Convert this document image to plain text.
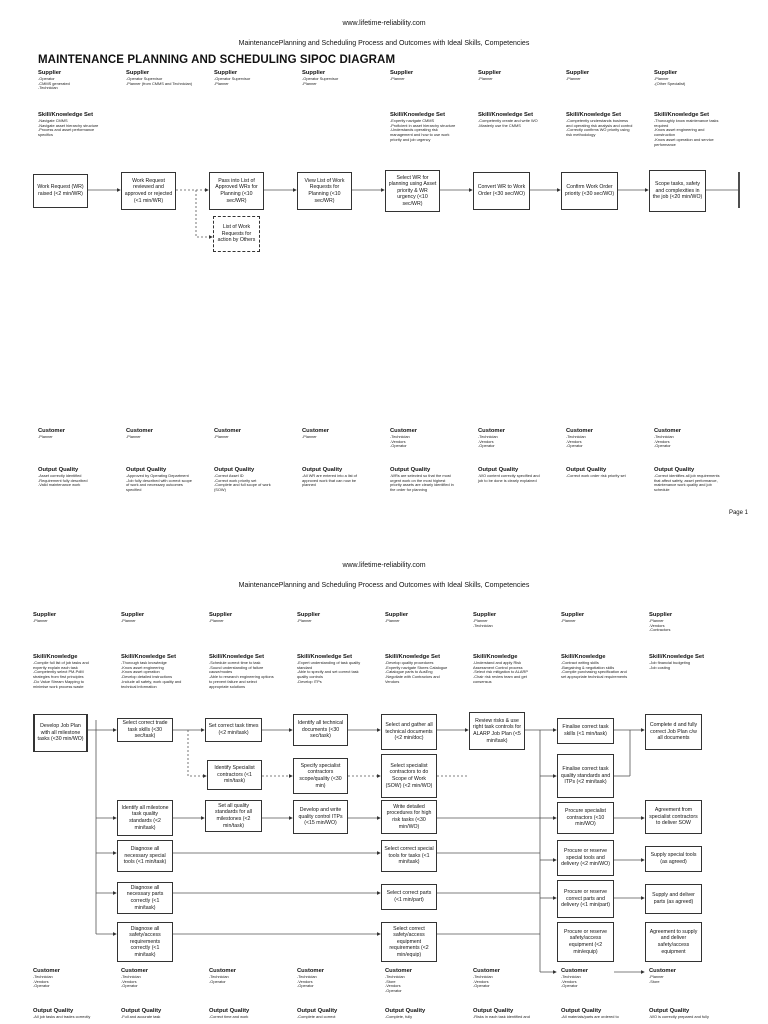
www.lifetime-reliability.com
MaintenancePlanning and Scheduling Process and Outcomes with Ideal Skills, Competencies
MAINTENANCE PLANNING AND SCHEDULING SIPOC DIAGRAM
Supplier
-Operator
-CMMS generated
-Technician
Skill/Knowledge Set
-Navigate CMMS
-Navigate asset hierarchy structure
-Process and asset performance
specifics
Customer
-Planner
Output Quality
-Asset correctly identified
-Requirement fully described
-Valid maintenance work
Supplier
-Operator Supervisor
-Planner (from CMMS and Technician)
Customer
-Planner
Output Quality
-Approved by Operating Department
-Job fully described with correct scope
of work and necessary outcomes
specified
Supplier
-Operator Supervisor
-Planner
Customer
-Planner
Output Quality
-Correct Asset ID
-Correct work priority set
-Complete and full scope of work
(SOW)
Supplier
-Operator Supervisor
-Planner
Customer
-Planner
Output Quality
-All WR are entered into a list of
approved work that can now be
planned
Supplier
-Planner
Skill/Knowledge Set
-Expertly navigate CMMS
-Proficient in asset hierarchy structure
-Understands operating risk
management and how to use work
priority and job urgency
Customer
-Technician
-Vendors
-Operator
Output Quality
-WRs are selected so that the most
urgent work on the most highest
priority assets are clearly identified in
the order for planning
Supplier
-Planner
Skill/Knowledge Set
-Competently create and write WO
-Masterly use the CMMS
Customer
-Technician
-Vendors
-Operator
Output Quality
-WO content correctly specified and
job to be done is clearly explained
Supplier
-Planner
Skill/Knowledge Set
-Competently understands business
and operating risk analysis and control
-Correctly confirms WO priority using
risk methodology
Customer
-Technician
-Vendors
-Operator
Output Quality
-Correct work order risk priority set
Supplier
-Planner
-(Other Specialist)
Skill/Knowledge Set
-Thoroughly know maintenance tasks
required
-Know asset engineering and
construction
-Know asset operation and service
performance
Customer
-Technician
-Vendors
-Operator
Output Quality
-Correct identifies all job requirements
that affect safety, asset performance,
maintenance work quality and job
schedule
Work Request (WR) raised (<2 min/WR)
Work Request reviewed and approved or rejected (<1 min/WR)
Pass into List of Approved WRs for Planning (<10 sec/WR)
View List of Work Requests for Planning (<10 sec/WR)
Select WR for planning using Asset priority & WR urgency (<10 sec/WR)
Convert WR to Work Order (<30 sec/WO)
Confirm Work Order priority (<30 sec/WO)
Scope tasks, safety and complexities in the job (<20 min/WO)
List of Work Requests for action by Others
Page 1
www.lifetime-reliability.com
MaintenancePlanning and Scheduling Process and Outcomes with Ideal Skills, Competencies
Supplier
-Planner
Skill/Knowledge
-Compile full list of job tasks and
expertly explain each task
-Competently select PM-PdM
strategies from first principles
-Do Value Stream Mapping to
minimise work process waste
Customer
-Technician
-Vendors
-Operator
Output Quality
-All job tasks and trades correctly
Supplier
-Planner
Skill/Knowledge Set
-Thorough task knowledge
-Know asset engineering
-Know asset operation
-Develop detailed instructions
-Include all safety, work quality and
technical information
Customer
-Technician
-Vendors
-Operator
Output Quality
-Full and accurate task
Supplier
-Planner
Skill/Knowledge Set
-Schedule correct time to task
-Sound understanding of failure
cause/modes
-Able to research engineering options
to prevent failure and select
appropriate solutions
Customer
-Technician
-Operator
Output Quality
-Correct time and work
Supplier
-Planner
Skill/Knowledge Set
-Expert understanding of task quality
standard
-Able to specify and set correct task
quality controls
-Develop ITPs
Customer
-Technician
-Vendors
-Operator
Output Quality
-Complete and correct
Supplier
-Planner
Skill/Knowledge Set
-Develop quality procedures
-Expertly navigate Stores Catalogue
-Catalogue parts to AusEng
-Negotiate with Contractors and
Vendors
Customer
-Technician
-Store
-Vendors
-Operator
Output Quality
-Complete, fully
Supplier
-Planner
-Technician
Skill/Knowledge
-Understand and apply Risk
Assessment Control process
-Select risk mitigation to ALARP
-Chair risk review team and get
consensus
Customer
-Technician
-Vendors
-Operator
Output Quality
-Risks in each task identified and
Supplier
-Planner
Skill/Knowledge
-Contract writing skills
-Bargaining & negotiation skills
-Compile purchasing specification and
set appropriate technical requirements
Customer
-Technician
-Vendors
-Operator
Output Quality
-All materials/parts are ordered to
Supplier
-Planner
-Vendors
-Contractors
Skill/Knowledge Set
-Job financial budgeting
-Job costing
Customer
-Planner
-Store
Output Quality
-WO is correctly prepared and fully
Develop Job Plan with all milestone tasks (<30 min/WO)
Select correct trade task skills (<30 sec/task)
Set correct task times (<2 min/task)
Identify all technical documents (<30 sec/task)
Select and gather all technical documents (<2 min/doc)
Review risks & use right task controls for ALARP Job Plan (<5 min/task)
Finalise correct task skills (<1 min/task)
Complete d and fully correct Job Plan c/w all documents
Identify Specialist contractors (<1 min/task)
Specify specialist contractors scope/quality (<30 min)
Select specialist contractors to do Scope of Work (SOW) (<2 min/WO)
Finalise correct task quality standards and ITPs (<2 min/task)
Identify all milestone task quality standards (<2 min/task)
Set all quality standards for all milestones (<2 min/task)
Develop and write quality control ITPs (<15 min/WO)
Write detailed procedures for high risk tasks (<30 min/WO)
Procure specialist contractors (<10 min/WO)
Agreement from specialist contractors to deliver SOW
Diagnose all necessary special tools (<1 min/task)
Select correct special tools for tasks (<1 min/task)
Procure or reserve special tools and delivery (<2 min/WO)
Supply special tools (as agreed)
Diagnose all necessary parts correctly (<1 min/task)
Select correct parts (<1 min/part)
Procure or reserve correct parts and delivery (<1 min/part)
Supply and deliver parts (as agreed)
Diagnose all safety/access requirements correctly (<1 min/task)
Select correct safety/access equipment requirements (<2 min/equip)
Procure or reserve safety/access equipment (<2 min/equip)
Agreement to supply and deliver safety/access equipment
